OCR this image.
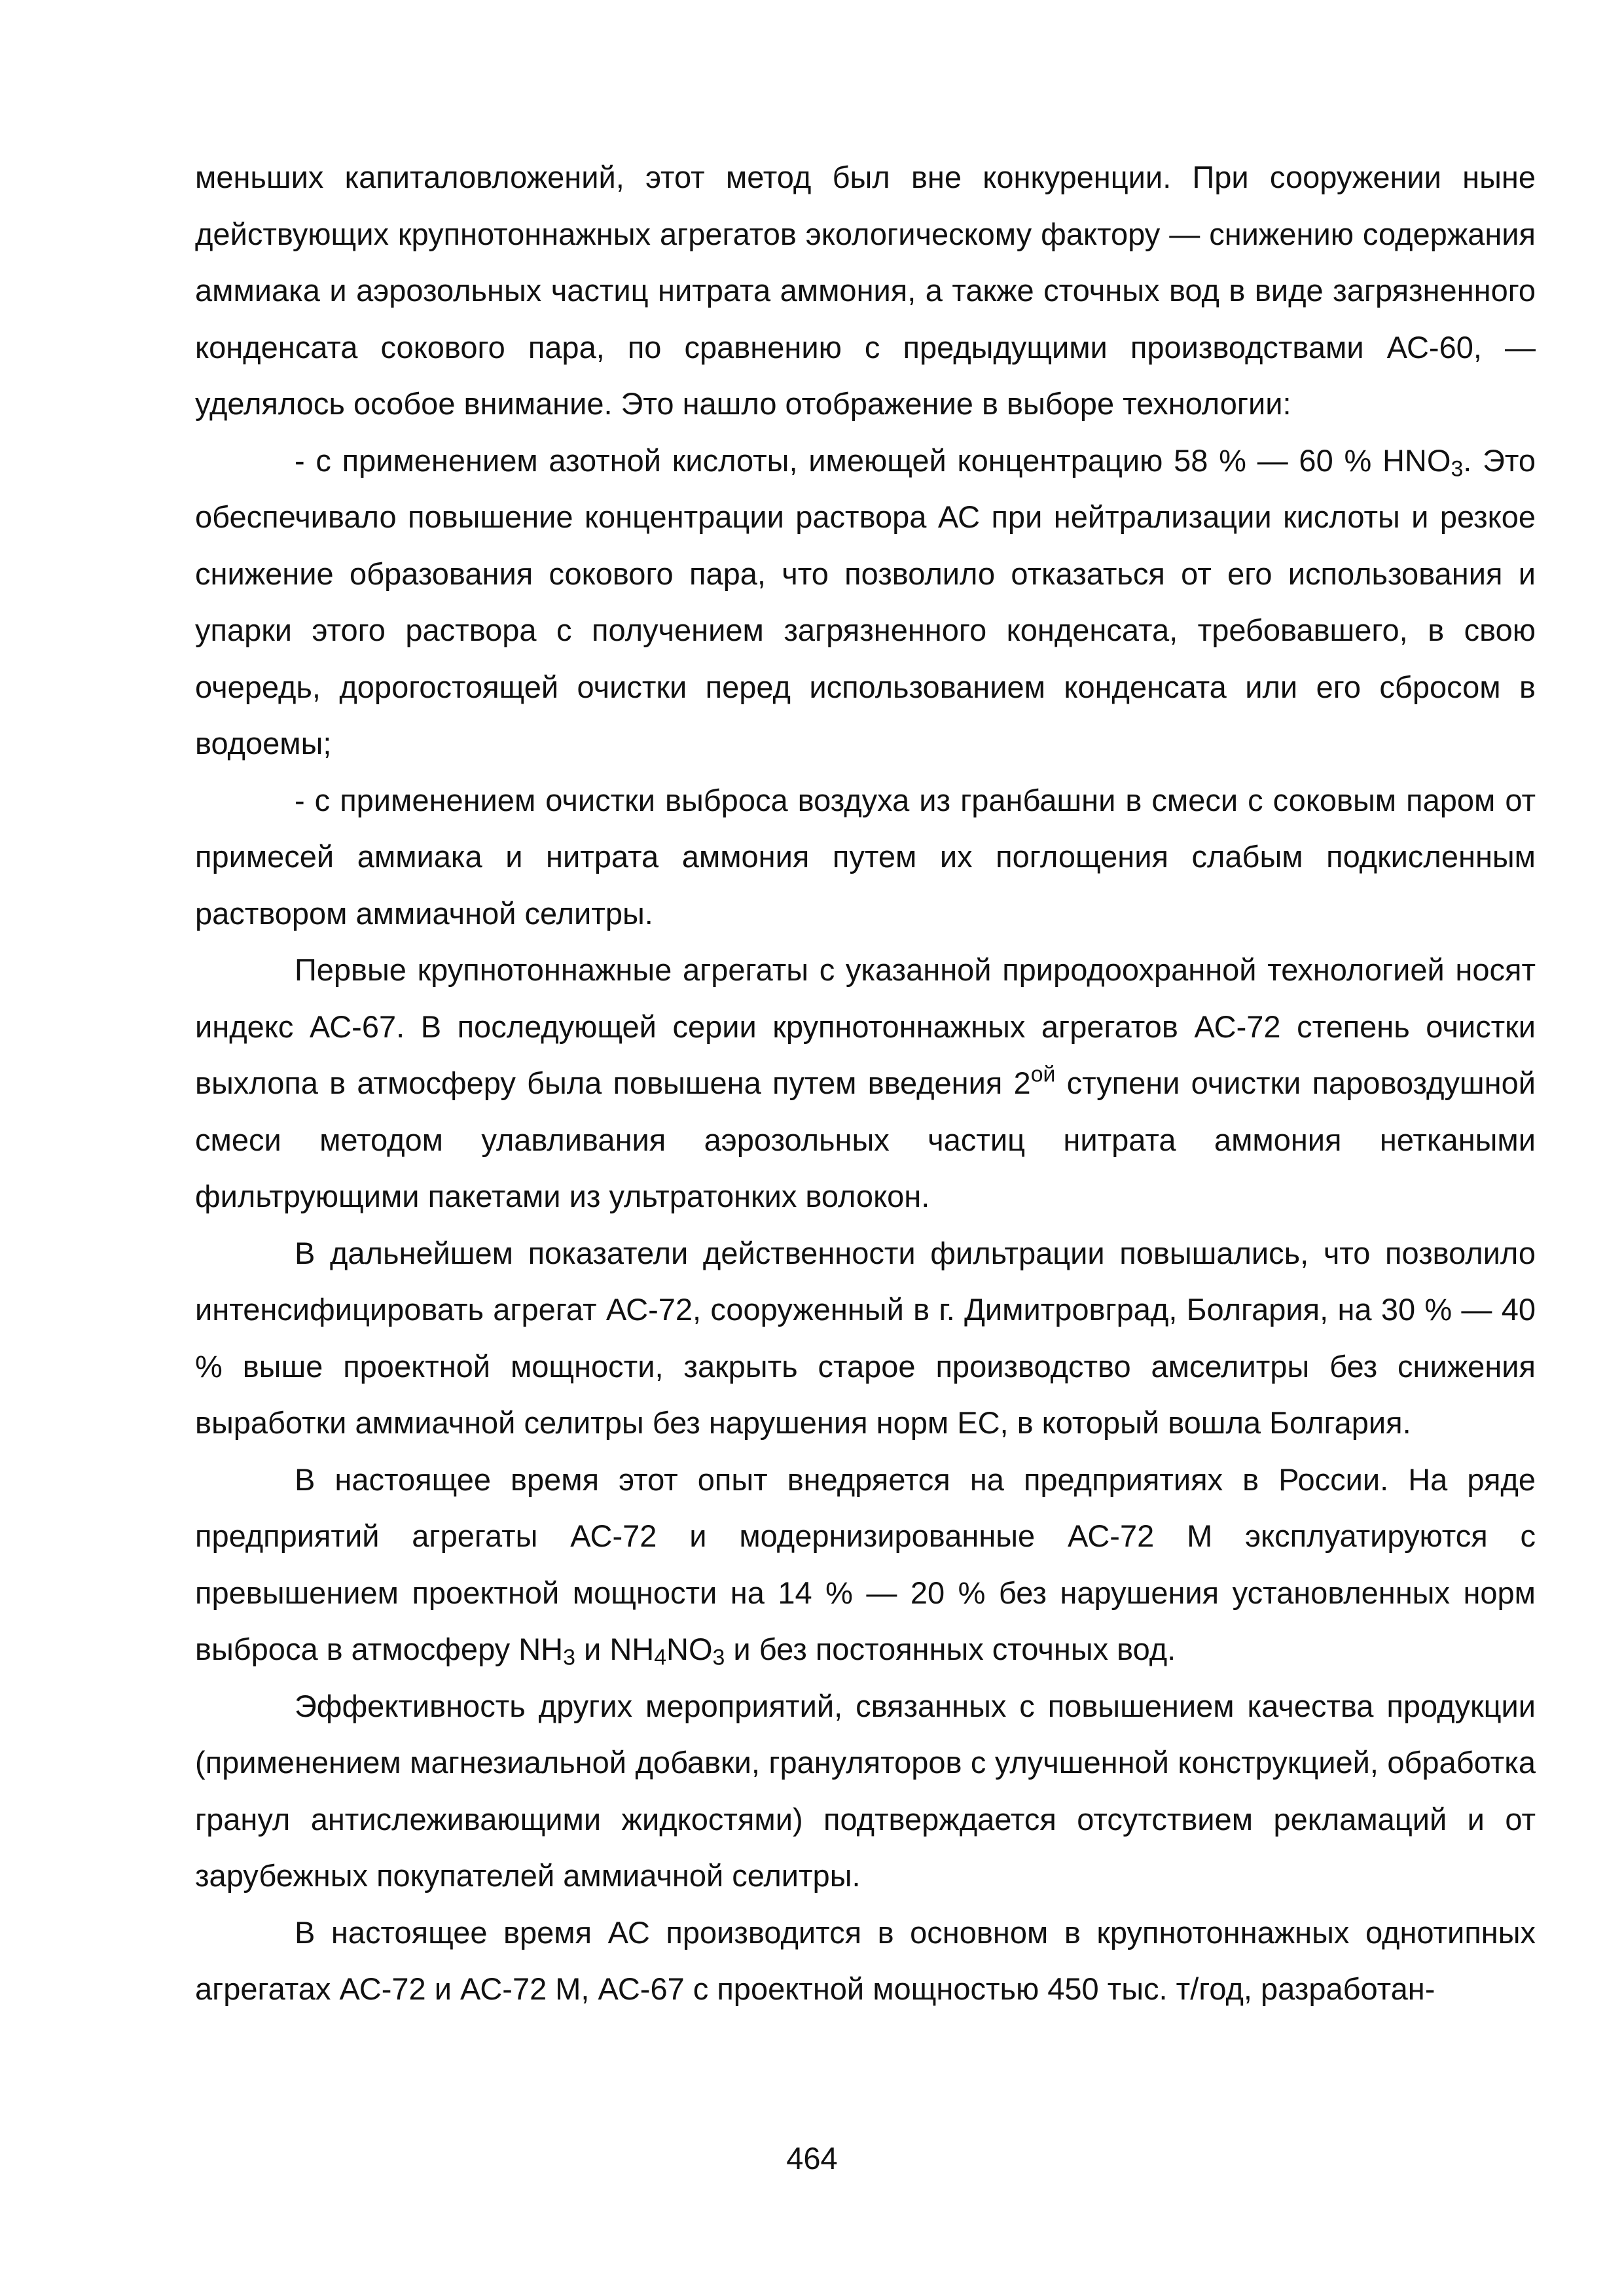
меньших капиталовложений, этот метод был вне конкуренции. При сооружении ныне действующих крупнотоннажных агрегатов экологическому фактору — снижению содержания аммиака и аэрозольных частиц нитрата аммония, а также сточных вод в виде загрязненного конденсата сокового пара, по сравнению с предыдущими производствами АС-60, — уделялось особое внимание. Это нашло отображение в выборе технологии:

- с применением азотной кислоты, имеющей концентрацию 58 % — 60 % $HNO_3$. Это обеспечивало повышение концентрации раствора АС при нейтрализации кислоты и резкое снижение образования сокового пара, что позволило отказаться от его использования и упарки этого раствора с получением загрязненного конденсата, требовавшего, в свою очередь, дорогостоящей очистки перед использованием конденсата или его сбросом в водоемы;

- с применением очистки выброса воздуха из гранбашни в смеси с соковым паром от примесей аммиака и нитрата аммония путем их поглощения слабым подкисленным раствором аммиачной селитры.

Первые крупнотоннажные агрегаты с указанной природоохранной технологией носят индекс АС-67. В последующей серии крупнотоннажных агрегатов АС-72 степень очистки выхлопа в атмосферу была повышена путем введения $2^{ой}$ ступени очистки паровоздушной смеси методом улавливания аэрозольных частиц нитрата аммония неткаными фильтрующими пакетами из ультратонких волокон.

В дальнейшем показатели действенности фильтрации повышались, что позволило интенсифицировать агрегат АС-72, сооруженный в г. Димитровград, Болгария, на 30 % — 40 % выше проектной мощности, закрыть старое производство амселитры без снижения выработки аммиачной селитры без нарушения норм ЕС, в который вошла Болгария.

В настоящее время этот опыт внедряется на предприятиях в России. На ряде предприятий агрегаты АС-72 и модернизированные АС-72 М эксплуатируются с превышением проектной мощности на 14 % — 20 % без нарушения установленных норм выброса в атмосферу $NH_3$ и $NH_4NO_3$ и без постоянных сточных вод.

Эффективность других мероприятий, связанных с повышением качества продукции (применением магнезиальной добавки, грануляторов с улучшенной конструкцией, обработка гранул антислеживающими жидкостями) подтверждается отсутствием рекламаций и от зарубежных покупателей аммиачной селитры.

В настоящее время АС производится в основном в крупнотоннажных однотипных агрегатах АС-72 и АС-72 М, АС-67 с проектной мощностью 450 тыс. т/год, разработан-

464
